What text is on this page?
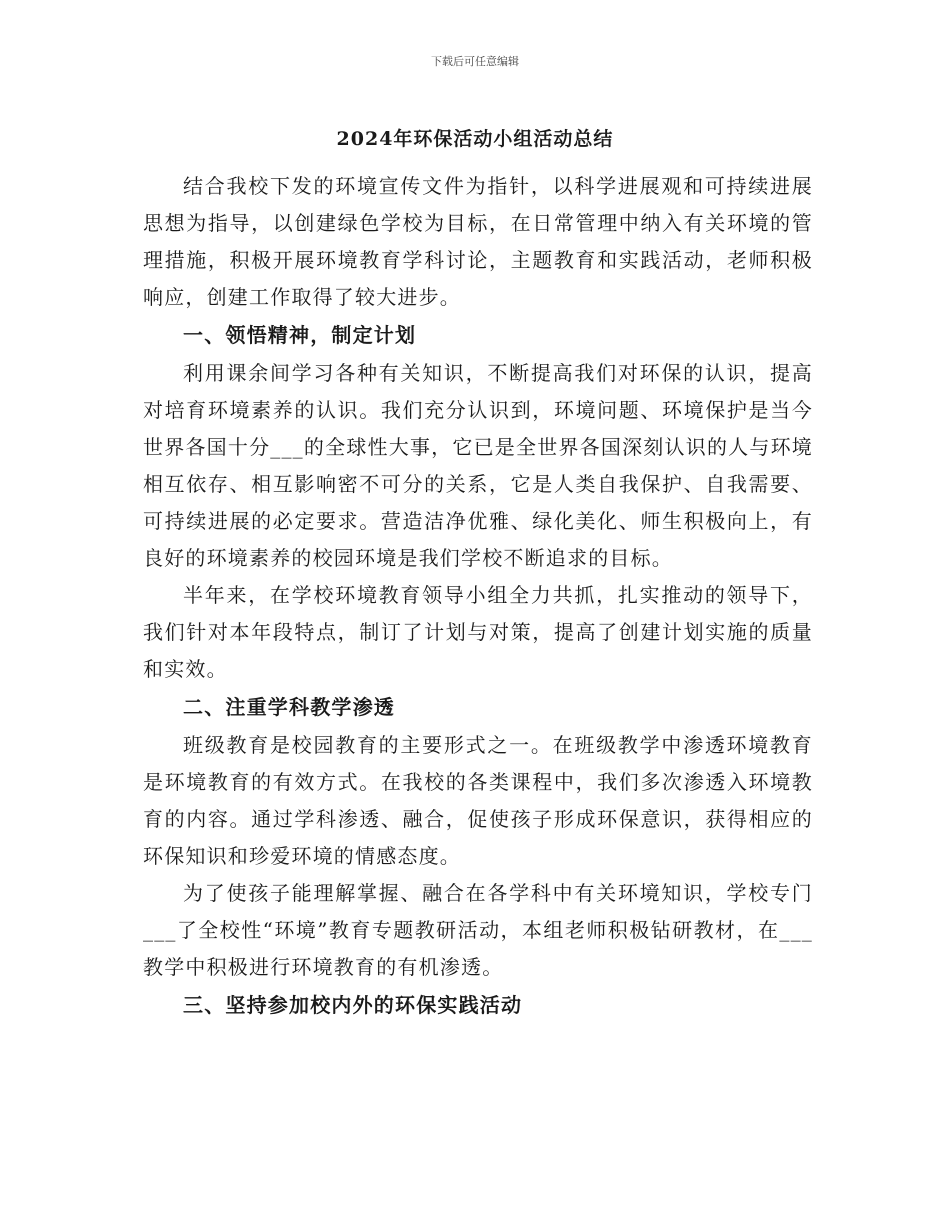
下载后可任意编辑
2024年环保活动小组活动总结

结合我校下发的环境宣传文件为指针，以科学进展观和可持续进展思想为指导，以创建绿色学校为目标，在日常管理中纳入有关环境的管理措施，积极开展环境教育学科讨论，主题教育和实践活动，老师积极响应，创建工作取得了较大进步。

一、领悟精神，制定计划

利用课余间学习各种有关知识，不断提高我们对环保的认识，提高对培育环境素养的认识。我们充分认识到，环境问题、环境保护是当今世界各国十分___的全球性大事，它已是全世界各国深刻认识的人与环境相互依存、相互影响密不可分的关系，它是人类自我保护、自我需要、可持续进展的必定要求。营造洁净优雅、绿化美化、师生积极向上，有良好的环境素养的校园环境是我们学校不断追求的目标。

半年来，在学校环境教育领导小组全力共抓，扎实推动的领导下，我们针对本年段特点，制订了计划与对策，提高了创建计划实施的质量和实效。

二、注重学科教学渗透

班级教育是校园教育的主要形式之一。在班级教学中渗透环境教育是环境教育的有效方式。在我校的各类课程中，我们多次渗透入环境教育的内容。通过学科渗透、融合，促使孩子形成环保意识，获得相应的环保知识和珍爱环境的情感态度。

为了使孩子能理解掌握、融合在各学科中有关环境知识，学校专门___了全校性“环境”教育专题教研活动，本组老师积极钻研教材，在___教学中积极进行环境教育的有机渗透。

三、坚持参加校内外的环保实践活动
